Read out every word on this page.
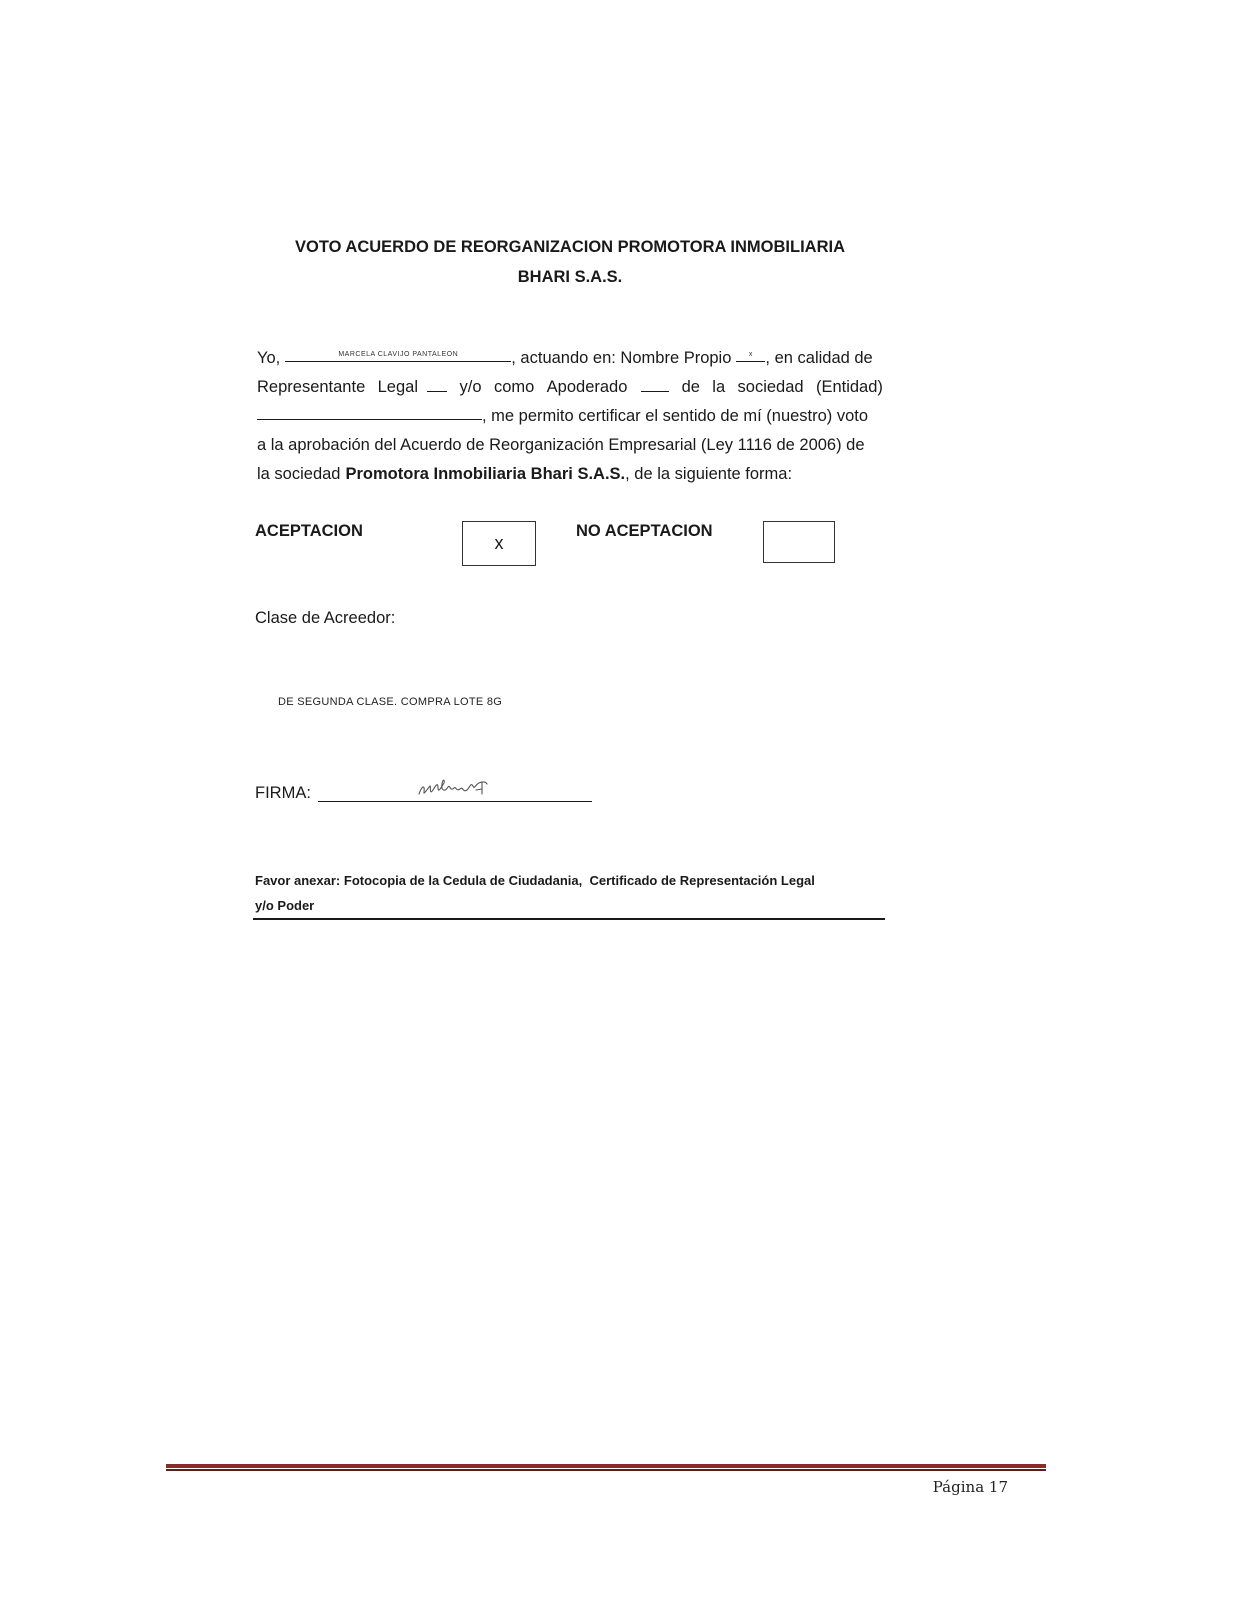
VOTO ACUERDO DE REORGANIZACION PROMOTORA INMOBILIARIA
BHARI S.A.S.
Yo,	MARCELA CLAVIJO PANTALEON	, actuando en: Nombre Propio	x , en calidad de
Representante Legal	y/o como Apoderado	de la sociedad (Entidad)
, me permito certificar el sentido de mí (nuestro) voto
a la aprobación del Acuerdo de Reorganización Empresarial (Ley 1116 de 2006) de
la sociedad Promotora Inmobiliaria Bhari S.A.S. , de la siguiente forma:
ACEPTACION
x
NO ACEPTACION
Clase de Acreedor:
DE SEGUNDA CLASE. COMPRA LOTE 8G
FIRMA:
Favor anexar: Fotocopia de la Cedula de Ciudadania,  Certificado de Representación Legal
y/o Poder
Página 17
